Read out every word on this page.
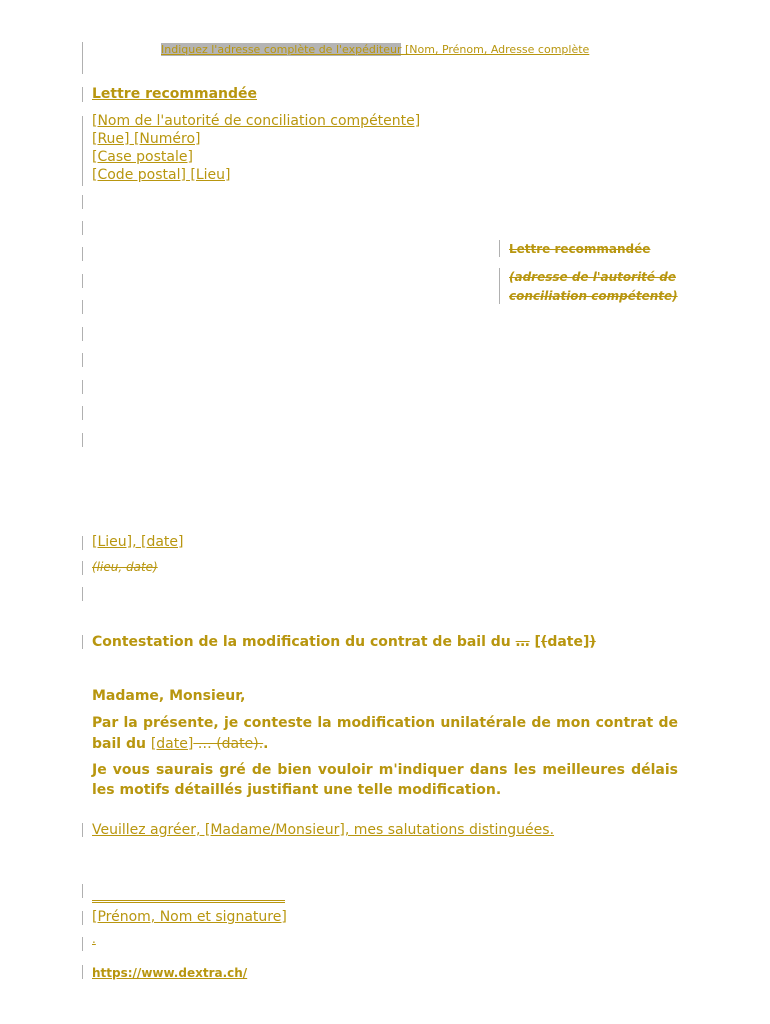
Indiquez l'adresse complète de l'expéditeur [Nom, Prénom, Adresse complète
Lettre recommandée
[Nom de l'autorité de conciliation compétente]
[Rue] [Numéro]
[Case postale]
[Code postal] [Lieu]
Lettre recommandée
(adresse de l'autorité de
conciliation compétente)
[Lieu], [date]
(lieu, date)
Contestation de la modification du contrat de bail du … [(date])
Madame, Monsieur,
Par la présente, je conteste la modification unilatérale de mon contrat de bail du [date] … (date)..
Je vous saurais gré de bien vouloir m'indiquer dans les meilleures délais les motifs détaillés justifiant une telle modification.
Veuillez agréer, [Madame/Monsieur], mes salutations distinguées.
[Prénom, Nom et signature]
.
https://www.dextra.ch/
